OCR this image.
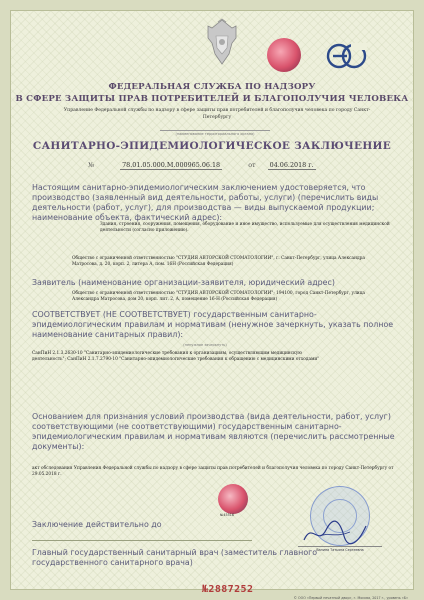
ФЕДЕРАЛЬНАЯ СЛУЖБА ПО НАДЗОРУ
В СФЕРЕ ЗАЩИТЫ ПРАВ ПОТРЕБИТЕЛЕЙ И БЛАГОПОЛУЧИЯ ЧЕЛОВЕКА
Управление Федеральной службы по надзору в сфере защиты прав потребителей и благополучия человека по городу Санкт-Петербургу
(наименование территориального органа)
САНИТАРНО-ЭПИДЕМИОЛОГИЧЕСКОЕ ЗАКЛЮЧЕНИЕ
№	78.01.05.000.М.000965.06.18	от 04.06.2018 г.
Настоящим санитарно-эпидемиологическим заключением удостоверяется, что производство (заявленный вид деятельности, работы, услуги) (перечислить виды деятельности (работ, услуг), для производства — виды выпускаемой продукции; наименование объекта, фактический адрес):
Здания, строения, сооружения, помещения, оборудование и иное имущество, используемые для осуществления медицинской деятельности (согласно приложению).
Общество с ограниченной ответственностью "СТУДИЯ АВТОРСКОЙ СТОМАТОЛОГИИ", г. Санкт-Петербург, улица Александра Матросова, д. 20, корп. 2, литера А, пом. 16Н (Российская Федерация)
Заявитель (наименование организации-заявителя, юридический адрес)
Общество с ограниченной ответственностью "СТУДИЯ АВТОРСКОЙ СТОМАТОЛОГИИ"; 194100, город Санкт-Петербург, улица Александра Матросова, дом 20, корп. лит. 2, А, помещение 16-Н (Российская Федерация)
СООТВЕТСТВУЕТ (НЕ СООТВЕТСТВУЕТ) государственным санитарно-эпидемиологическим правилам и нормативам (ненужное зачеркнуть, указать полное наименование санитарных правил):
(ненужное зачеркнуть)
СанПиН 2.1.3.2630-10 "Санитарно-эпидемиологические требования к организациям, осуществляющим медицинскую деятельность"; СанПиН 2.1.7.2790-10 "Санитарно-эпидемиологические требования к обращению с медицинскими отходами"
Основанием для признания условий производства (вида деятельности, работ, услуг) соответствующими (не соответствующими) государственным санитарно-эпидемиологическим правилам и нормативам являются (перечислить рассмотренные документы):
акт обследования Управления Федеральной службы по надзору в сфере защиты прав потребителей и благополучия человека по городу Санкт-Петербургу от 29.05.2018 г.
№45516
Ванина Татьяна Сергеевна
Заключение действительно до
Главный государственный санитарный врач (заместитель главного государственного санитарного врача)
№2887252
© ООО «Первый печатный двор», г. Москва, 2017 г., уровень «Б»
